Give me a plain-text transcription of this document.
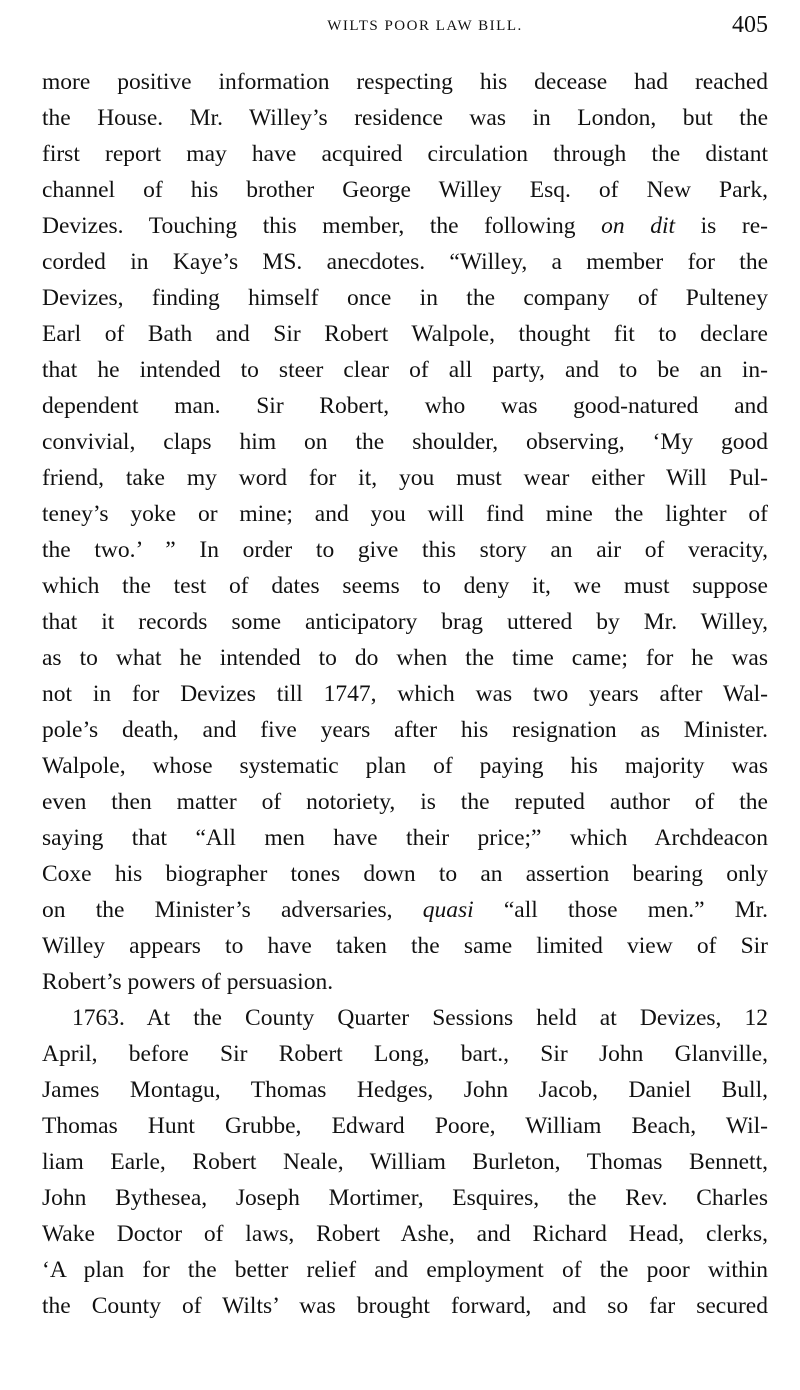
WILTS POOR LAW BILL.	405
more positive information respecting his decease had reached
the House. Mr. Willey’s residence was in London, but the
first report may have acquired circulation through the distant
channel of his brother George Willey Esq. of New Park,
Devizes. Touching this member, the following on dit is re-
corded in Kaye’s MS. anecdotes. “Willey, a member for the
Devizes, finding himself once in the company of Pulteney
Earl of Bath and Sir Robert Walpole, thought fit to declare
that he intended to steer clear of all party, and to be an in-
dependent man. Sir Robert, who was good-natured and
convivial, claps him on the shoulder, observing, ‘My good
friend, take my word for it, you must wear either Will Pul-
teney’s yoke or mine; and you will find mine the lighter of
the two.’ ” In order to give this story an air of veracity,
which the test of dates seems to deny it, we must suppose
that it records some anticipatory brag uttered by Mr. Willey,
as to what he intended to do when the time came; for he was
not in for Devizes till 1747, which was two years after Wal-
pole’s death, and five years after his resignation as Minister.
Walpole, whose systematic plan of paying his majority was
even then matter of notoriety, is the reputed author of the
saying that “All men have their price;” which Archdeacon
Coxe his biographer tones down to an assertion bearing only
on the Minister’s adversaries, quasi “all those men.” Mr.
Willey appears to have taken the same limited view of Sir
Robert’s powers of persuasion.
1763. At the County Quarter Sessions held at Devizes, 12
April, before Sir Robert Long, bart., Sir John Glanville,
James Montagu, Thomas Hedges, John Jacob, Daniel Bull,
Thomas Hunt Grubbe, Edward Poore, William Beach, Wil-
liam Earle, Robert Neale, William Burleton, Thomas Bennett,
John Bythesea, Joseph Mortimer, Esquires, the Rev. Charles
Wake Doctor of laws, Robert Ashe, and Richard Head, clerks,
‘A plan for the better relief and employment of the poor within
the County of Wilts’ was brought forward, and so far secured
